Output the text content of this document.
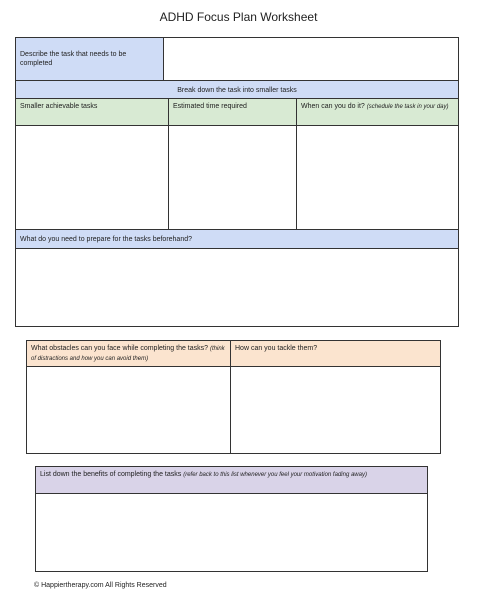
ADHD Focus Plan Worksheet
Describe the task that needs to be completed
Break down the task into smaller tasks
Smaller achievable tasks	Estimated time required	When can you do it? (schedule the task in your day)
What do you need to prepare for the tasks beforehand?
What obstacles can you face while completing the tasks? (think of distractions and how you can avoid them)
How can you tackle them?
List down the benefits of completing the tasks (refer back to this list whenever you feel your motivation fading away)
© Happiertherapy.com All Rights Reserved
